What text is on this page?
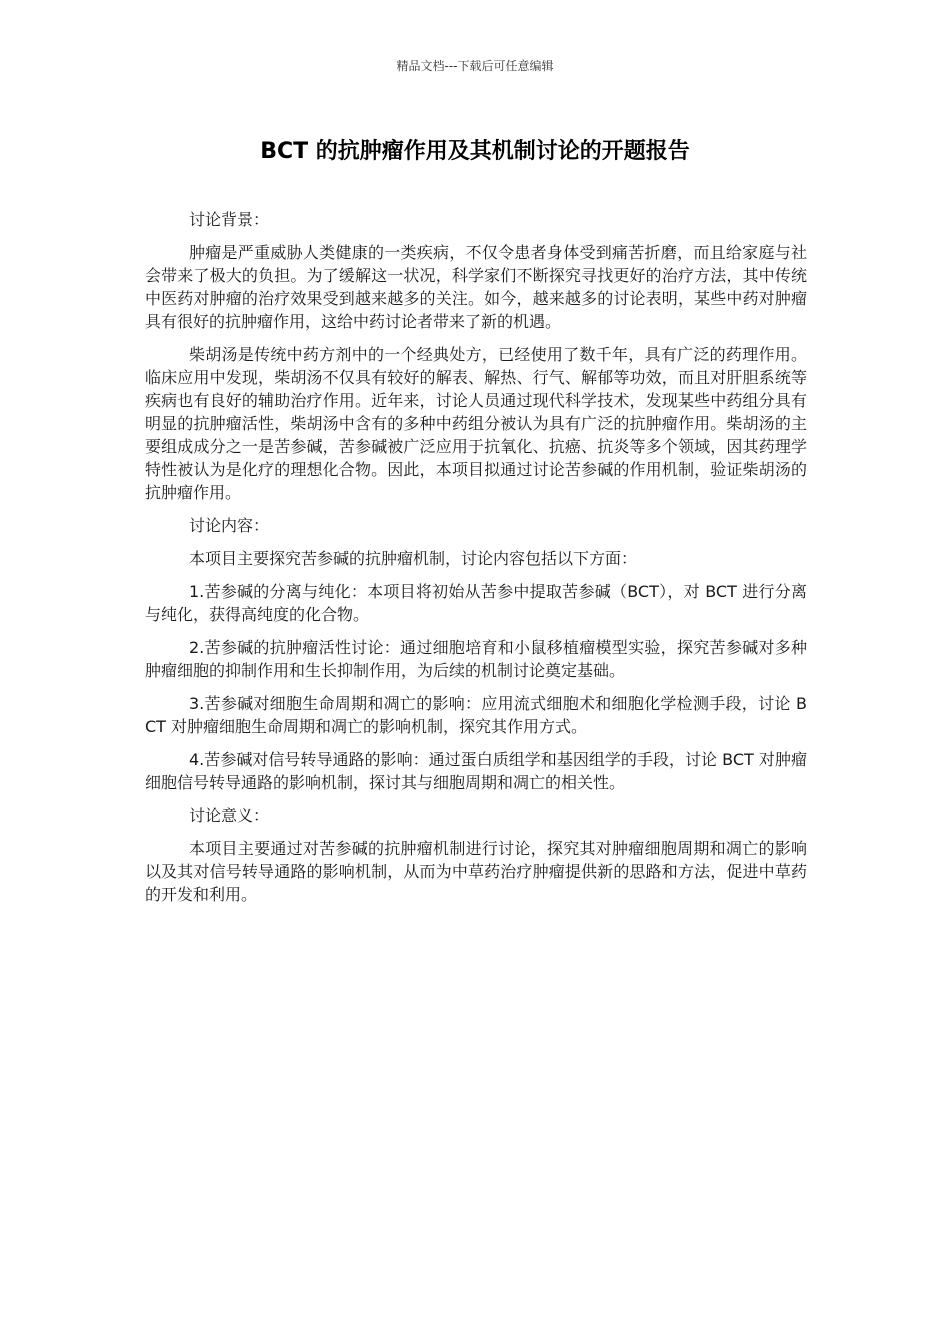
精品文档---下载后可任意编辑
BCT 的抗肿瘤作用及其机制讨论的开题报告

讨论背景：

肿瘤是严重威胁人类健康的一类疾病，不仅令患者身体受到痛苦折磨，而且给家庭与社会带来了极大的负担。为了缓解这一状况，科学家们不断探究寻找更好的治疗方法，其中传统中医药对肿瘤的治疗效果受到越来越多的关注。如今，越来越多的讨论表明，某些中药对肿瘤具有很好的抗肿瘤作用，这给中药讨论者带来了新的机遇。

柴胡汤是传统中药方剂中的一个经典处方，已经使用了数千年，具有广泛的药理作用。临床应用中发现，柴胡汤不仅具有较好的解表、解热、行气、解郁等功效，而且对肝胆系统等疾病也有良好的辅助治疗作用。近年来，讨论人员通过现代科学技术，发现某些中药组分具有明显的抗肿瘤活性，柴胡汤中含有的多种中药组分被认为具有广泛的抗肿瘤作用。柴胡汤的主要组成成分之一是苦参碱，苦参碱被广泛应用于抗氧化、抗癌、抗炎等多个领域，因其药理学特性被认为是化疗的理想化合物。因此，本项目拟通过讨论苦参碱的作用机制，验证柴胡汤的抗肿瘤作用。

讨论内容：

本项目主要探究苦参碱的抗肿瘤机制，讨论内容包括以下方面：

1.苦参碱的分离与纯化：本项目将初始从苦参中提取苦参碱（BCT），对 BCT 进行分离与纯化，获得高纯度的化合物。

2.苦参碱的抗肿瘤活性讨论：通过细胞培育和小鼠移植瘤模型实验，探究苦参碱对多种肿瘤细胞的抑制作用和生长抑制作用，为后续的机制讨论奠定基础。

3.苦参碱对细胞生命周期和凋亡的影响：应用流式细胞术和细胞化学检测手段，讨论 BCT 对肿瘤细胞生命周期和凋亡的影响机制，探究其作用方式。

4.苦参碱对信号转导通路的影响：通过蛋白质组学和基因组学的手段，讨论 BCT 对肿瘤细胞信号转导通路的影响机制，探讨其与细胞周期和凋亡的相关性。

讨论意义：

本项目主要通过对苦参碱的抗肿瘤机制进行讨论，探究其对肿瘤细胞周期和凋亡的影响以及其对信号转导通路的影响机制，从而为中草药治疗肿瘤提供新的思路和方法，促进中草药的开发和利用。
